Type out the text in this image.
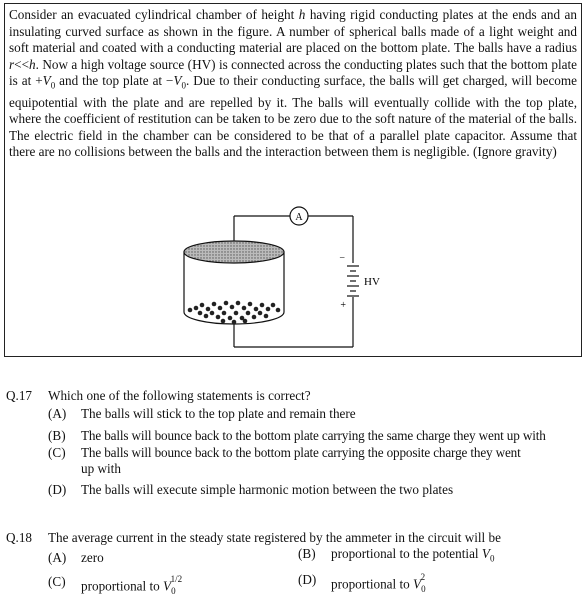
Consider an evacuated cylindrical chamber of height h having rigid conducting plates at the ends and an insulating curved surface as shown in the figure. A number of spherical balls made of a light weight and soft material and coated with a conducting material are placed on the bottom plate. The balls have a radius r<<h. Now a high voltage source (HV) is connected across the conducting plates such that the bottom plate is at $+V_0$ and the top plate at $-V_0$. Due to their conducting surface, the balls will get charged, will become equipotential with the plate and are repelled by it. The balls will eventually collide with the top plate, where the coefficient of restitution can be taken to be zero due to the soft nature of the material of the balls. The electric field in the chamber can be considered to be that of a parallel plate capacitor. Assume that there are no collisions between the balls and the interaction between them is negligible. (Ignore gravity)
A
−
+
HV
Q.17 Which one of the following statements is correct?
(A) The balls will stick to the top plate and remain there
(B) The balls will bounce back to the bottom plate carrying the same charge they went up with
(C) The balls will bounce back to the bottom plate carrying the opposite charge they went
up with
(D) The balls will execute simple harmonic motion between the two plates
Q.18 The average current in the steady state registered by the ammeter in the circuit will be
(A) zero	(B) proportional to the potential $V_0$
(C) proportional to $V_0^{1/2}$	(D) proportional to $V_0^2$
